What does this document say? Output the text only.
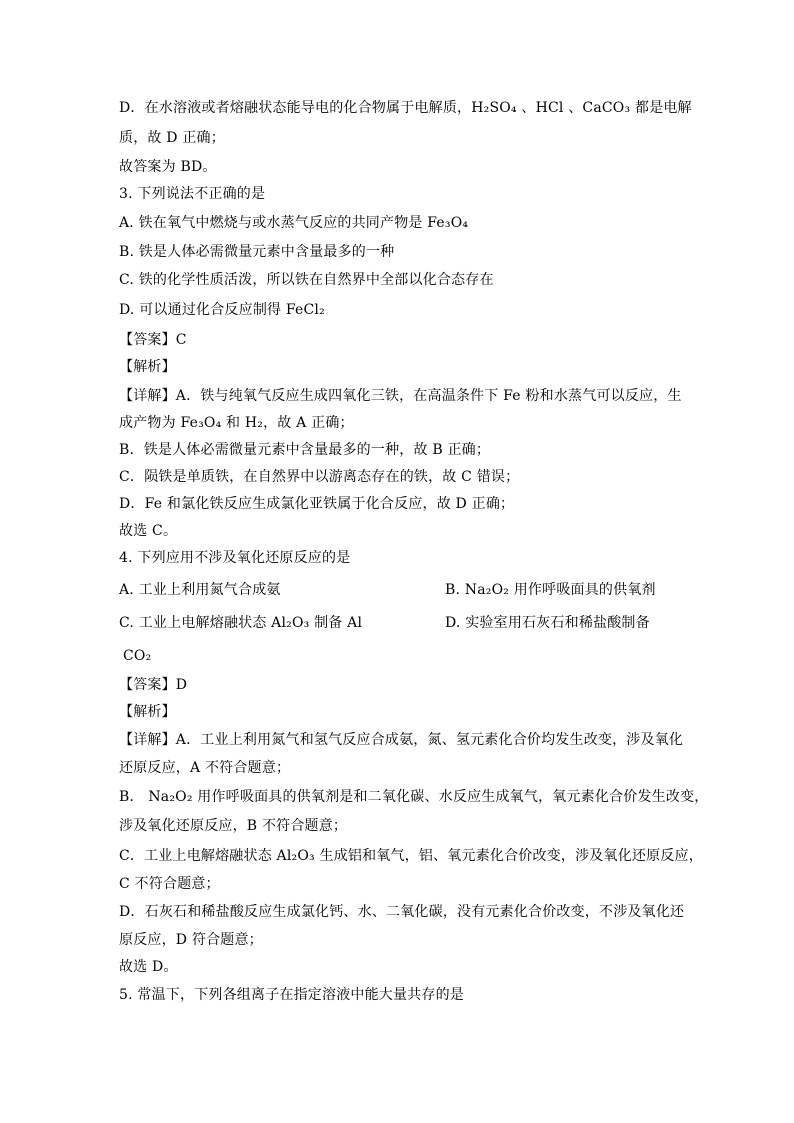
D．在水溶液或者熔融状态能导电的化合物属于电解质，H₂SO₄ 、HCl 、CaCO₃ 都是电解
质，故 D 正确；
故答案为 BD。
3. 下列说法不正确的是
A. 铁在氧气中燃烧与或水蒸气反应的共同产物是 Fe₃O₄
B. 铁是人体必需微量元素中含量最多的一种
C. 铁的化学性质活泼，所以铁在自然界中全部以化合态存在
D. 可以通过化合反应制得 FeCl₂
【答案】C
【解析】
【详解】A．铁与纯氧气反应生成四氧化三铁，在高温条件下 Fe 粉和水蒸气可以反应，生
成产物为 Fe₃O₄ 和 H₂，故 A 正确；
B．铁是人体必需微量元素中含量最多的一种，故 B 正确；
C．陨铁是单质铁，在自然界中以游离态存在的铁，故 C 错误；
D．Fe 和氯化铁反应生成氯化亚铁属于化合反应，故 D 正确；
故选 C。
4. 下列应用不涉及氧化还原反应的是
A. 工业上利用氮气合成氨	B. Na₂O₂ 用作呼吸面具的供氧剂
C. 工业上电解熔融状态 Al₂O₃ 制备 Al	D. 实验室用石灰石和稀盐酸制备
CO₂
【答案】D
【解析】
【详解】A．工业上利用氮气和氢气反应合成氨，氮、氢元素化合价均发生改变，涉及氧化
还原反应，A 不符合题意；
B． Na₂O₂ 用作呼吸面具的供氧剂是和二氧化碳、水反应生成氧气，氧元素化合价发生改变，
涉及氧化还原反应，B 不符合题意；
C．工业上电解熔融状态 Al₂O₃ 生成铝和氧气，铝、氧元素化合价改变，涉及氧化还原反应，
C 不符合题意；
D．石灰石和稀盐酸反应生成氯化钙、水、二氧化碳，没有元素化合价改变，不涉及氧化还
原反应，D 符合题意；
故选 D。
5. 常温下，下列各组离子在指定溶液中能大量共存的是
